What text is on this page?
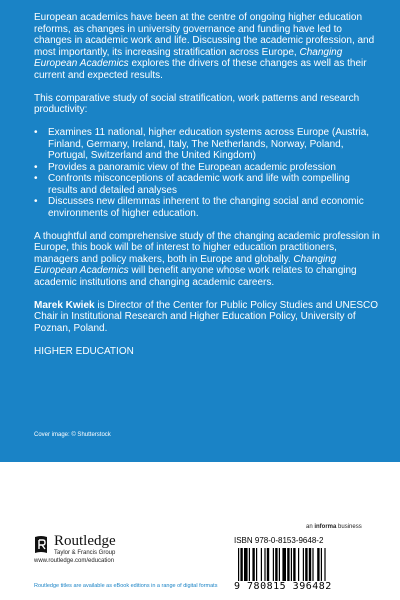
European academics have been at the centre of ongoing higher education reforms, as changes in university governance and funding have led to changes in academic work and life. Discussing the academic profession, and most importantly, its increasing stratification across Europe, Changing European Academics explores the drivers of these changes as well as their current and expected results.

This comparative study of social stratification, work patterns and research productivity:

• Examines 11 national, higher education systems across Europe (Austria, Finland, Germany, Ireland, Italy, The Netherlands, Norway, Poland, Portugal, Switzerland and the United Kingdom)
• Provides a panoramic view of the European academic profession
• Confronts misconceptions of academic work and life with compelling results and detailed analyses
• Discusses new dilemmas inherent to the changing social and economic environments of higher education.

A thoughtful and comprehensive study of the changing academic profession in Europe, this book will be of interest to higher education practitioners, managers and policy makers, both in Europe and globally. Changing European Academics will benefit anyone whose work relates to changing academic institutions and changing academic careers.

Marek Kwiek is Director of the Center for Public Policy Studies and UNESCO Chair in Institutional Research and Higher Education Policy, University of Poznan, Poland.

HIGHER EDUCATION

Cover image: © Shutterstock
Routledge
Taylor & Francis Group
www.routledge.com/education
Routledge titles are available as eBook editions in a range of digital formats
an informa business
ISBN 978-0-8153-9648-2
9 780815 396482
